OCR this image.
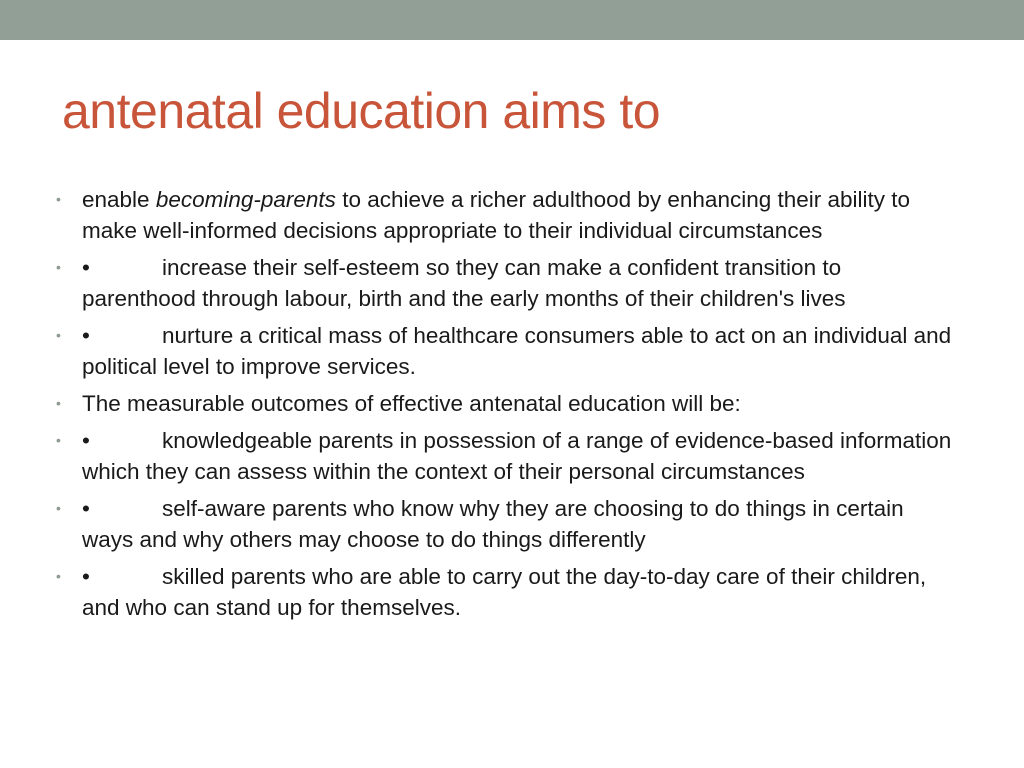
antenatal education aims to
• enable becoming-parents to achieve a richer adulthood by enhancing their ability to make well-informed decisions appropriate to their individual circumstances
• •	increase their self-esteem so they can make a confident transition to parenthood through labour, birth and the early months of their children's lives
• •	nurture a critical mass of healthcare consumers able to act on an individual and political level to improve services.
• The measurable outcomes of effective antenatal education will be:
• •	knowledgeable parents in possession of a range of evidence-based information which they can assess within the context of their personal circumstances
• •	self-aware parents who know why they are choosing to do things in certain ways and why others may choose to do things differently
• •	skilled parents who are able to carry out the day-to-day care of their children, and who can stand up for themselves.
